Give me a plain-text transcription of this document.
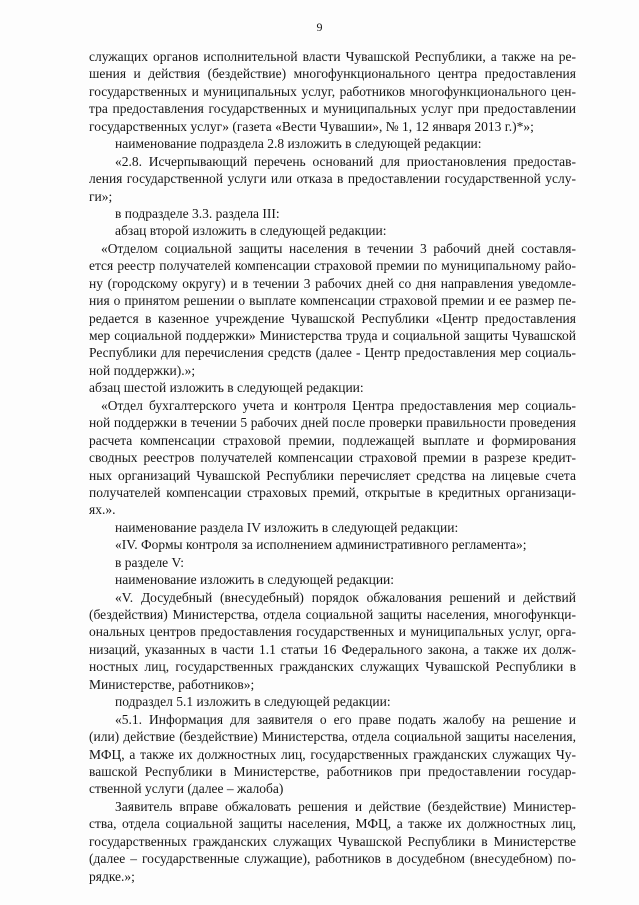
9
служащих органов исполнительной власти Чувашской Республики, а также на ре-
шения и действия (бездействие) многофункционального центра предоставления
государственных и муниципальных услуг, работников многофункционального цен-
тра предоставления государственных и муниципальных услуг при предоставлении
государственных услуг» (газета «Вести Чувашии», № 1, 12 января 2013 г.)*»;
наименование подраздела 2.8 изложить в следующей редакции:
«2.8. Исчерпывающий перечень оснований для приостановления предостав-
ления государственной услуги или отказа в предоставлении государственной услу-
ги»;
в подразделе 3.3. раздела III:
абзац второй изложить в следующей редакции:
«Отделом социальной защиты населения в течении 3 рабочий дней составля-
ется реестр получателей компенсации страховой премии по муниципальному райо-
ну (городскому округу) и в течении 3 рабочих дней со дня направления уведомле-
ния о принятом решении о выплате компенсации страховой премии и ее размер пе-
редается в казенное учреждение Чувашской Республики «Центр предоставления
мер социальной поддержки» Министерства труда и социальной защиты Чувашской
Республики для перечисления средств (далее - Центр предоставления мер социаль-
ной поддержки).»;
абзац шестой изложить в следующей редакции:
«Отдел бухгалтерского учета и контроля Центра предоставления мер социаль-
ной поддержки в течении 5 рабочих дней после проверки правильности проведения
расчета компенсации страховой премии, подлежащей выплате и формирования
сводных реестров получателей компенсации страховой премии в разрезе кредит-
ных организаций Чувашской Республики перечисляет средства на лицевые счета
получателей компенсации страховых премий, открытые в кредитных организаци-
ях.».
наименование раздела IV изложить в следующей редакции:
«IV. Формы контроля за исполнением административного регламента»;
в разделе V:
наименование изложить в следующей редакции:
«V. Досудебный (внесудебный) порядок обжалования решений и действий
(бездействия) Министерства, отдела социальной защиты населения, многофункци-
ональных центров предоставления государственных и муниципальных услуг, орга-
низаций, указанных в части 1.1 статьи 16 Федерального закона, а также их долж-
ностных лиц, государственных гражданских служащих Чувашской Республики в
Министерстве, работников»;
подраздел 5.1 изложить в следующей редакции:
«5.1. Информация для заявителя о его праве подать жалобу на решение и
(или) действие (бездействие) Министерства, отдела социальной защиты населения,
МФЦ, а также их должностных лиц, государственных гражданских служащих Чу-
вашской Республики в Министерстве, работников при предоставлении государ-
ственной услуги (далее – жалоба)
Заявитель вправе обжаловать решения и действие (бездействие) Министер-
ства, отдела социальной защиты населения, МФЦ, а также их должностных лиц,
государственных гражданских служащих Чувашской Республики в Министерстве
(далее – государственные служащие), работников в досудебном (внесудебном) по-
рядке.»;
